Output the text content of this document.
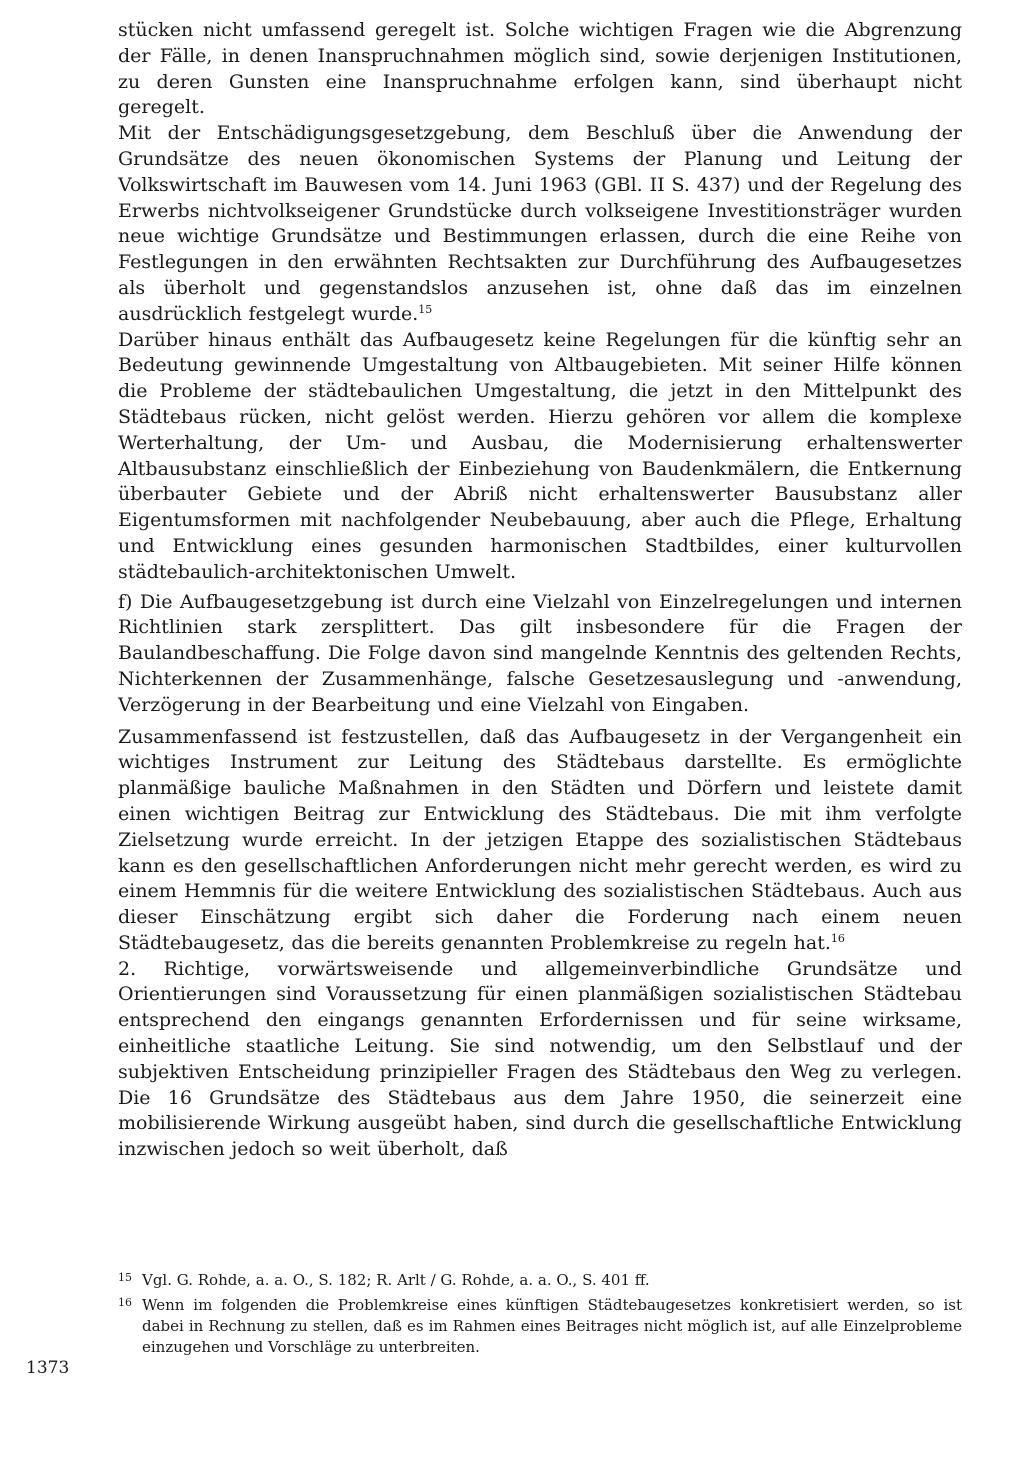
stücken nicht umfassend geregelt ist. Solche wichtigen Fragen wie die Abgrenzung der Fälle, in denen Inanspruchnahmen möglich sind, sowie derjenigen Institutionen, zu deren Gunsten eine Inanspruchnahme erfolgen kann, sind überhaupt nicht geregelt.

Mit der Entschädigungsgesetzgebung, dem Beschluß über die Anwendung der Grundsätze des neuen ökonomischen Systems der Planung und Leitung der Volkswirtschaft im Bauwesen vom 14. Juni 1963 (GBl. II S. 437) und der Regelung des Erwerbs nichtvolkseigener Grundstücke durch volkseigene Investitionsträger wurden neue wichtige Grundsätze und Bestimmungen erlassen, durch die eine Reihe von Festlegungen in den erwähnten Rechtsakten zur Durchführung des Aufbaugesetzes als überholt und gegenstandslos anzusehen ist, ohne daß das im einzelnen ausdrücklich festgelegt wurde.$^{15}$

Darüber hinaus enthält das Aufbaugesetz keine Regelungen für die künftig sehr an Bedeutung gewinnende Umgestaltung von Altbaugebieten. Mit seiner Hilfe können die Probleme der städtebaulichen Umgestaltung, die jetzt in den Mittelpunkt des Städtebaus rücken, nicht gelöst werden. Hierzu gehören vor allem die komplexe Werterhaltung, der Um- und Ausbau, die Modernisierung erhaltenswerter Altbausubstanz einschließlich der Einbeziehung von Baudenkmälern, die Entkernung überbauter Gebiete und der Abriß nicht erhaltenswerter Bausubstanz aller Eigentumsformen mit nachfolgender Neubebauung, aber auch die Pflege, Erhaltung und Entwicklung eines gesunden harmonischen Stadtbildes, einer kulturvollen städtebaulich-architektonischen Umwelt.

f) Die Aufbaugesetzgebung ist durch eine Vielzahl von Einzelregelungen und internen Richtlinien stark zersplittert. Das gilt insbesondere für die Fragen der Baulandbeschaffung. Die Folge davon sind mangelnde Kenntnis des geltenden Rechts, Nichterkennen der Zusammenhänge, falsche Gesetzesauslegung und -anwendung, Verzögerung in der Bearbeitung und eine Vielzahl von Eingaben.

Zusammenfassend ist festzustellen, daß das Aufbaugesetz in der Vergangenheit ein wichtiges Instrument zur Leitung des Städtebaus darstellte. Es ermöglichte planmäßige bauliche Maßnahmen in den Städten und Dörfern und leistete damit einen wichtigen Beitrag zur Entwicklung des Städtebaus. Die mit ihm verfolgte Zielsetzung wurde erreicht. In der jetzigen Etappe des sozialistischen Städtebaus kann es den gesellschaftlichen Anforderungen nicht mehr gerecht werden, es wird zu einem Hemmnis für die weitere Entwicklung des sozialistischen Städtebaus. Auch aus dieser Einschätzung ergibt sich daher die Forderung nach einem neuen Städtebaugesetz, das die bereits genannten Problemkreise zu regeln hat.$^{16}$

2. Richtige, vorwärtsweisende und allgemeinverbindliche Grundsätze und Orientierungen sind Voraussetzung für einen planmäßigen sozialistischen Städtebau entsprechend den eingangs genannten Erfordernissen und für seine wirksame, einheitliche staatliche Leitung. Sie sind notwendig, um den Selbstlauf und der subjektiven Entscheidung prinzipieller Fragen des Städtebaus den Weg zu verlegen. Die 16 Grundsätze des Städtebaus aus dem Jahre 1950, die seinerzeit eine mobilisierende Wirkung ausgeübt haben, sind durch die gesellschaftliche Entwicklung inzwischen jedoch so weit überholt, daß

15 Vgl. G. Rohde, a. a. O., S. 182; R. Arlt / G. Rohde, a. a. O., S. 401 ff.
16 Wenn im folgenden die Problemkreise eines künftigen Städtebaugesetzes konkretisiert werden, so ist dabei in Rechnung zu stellen, daß es im Rahmen eines Beitrages nicht möglich ist, auf alle Einzelprobleme einzugehen und Vorschläge zu unterbreiten.
1373
